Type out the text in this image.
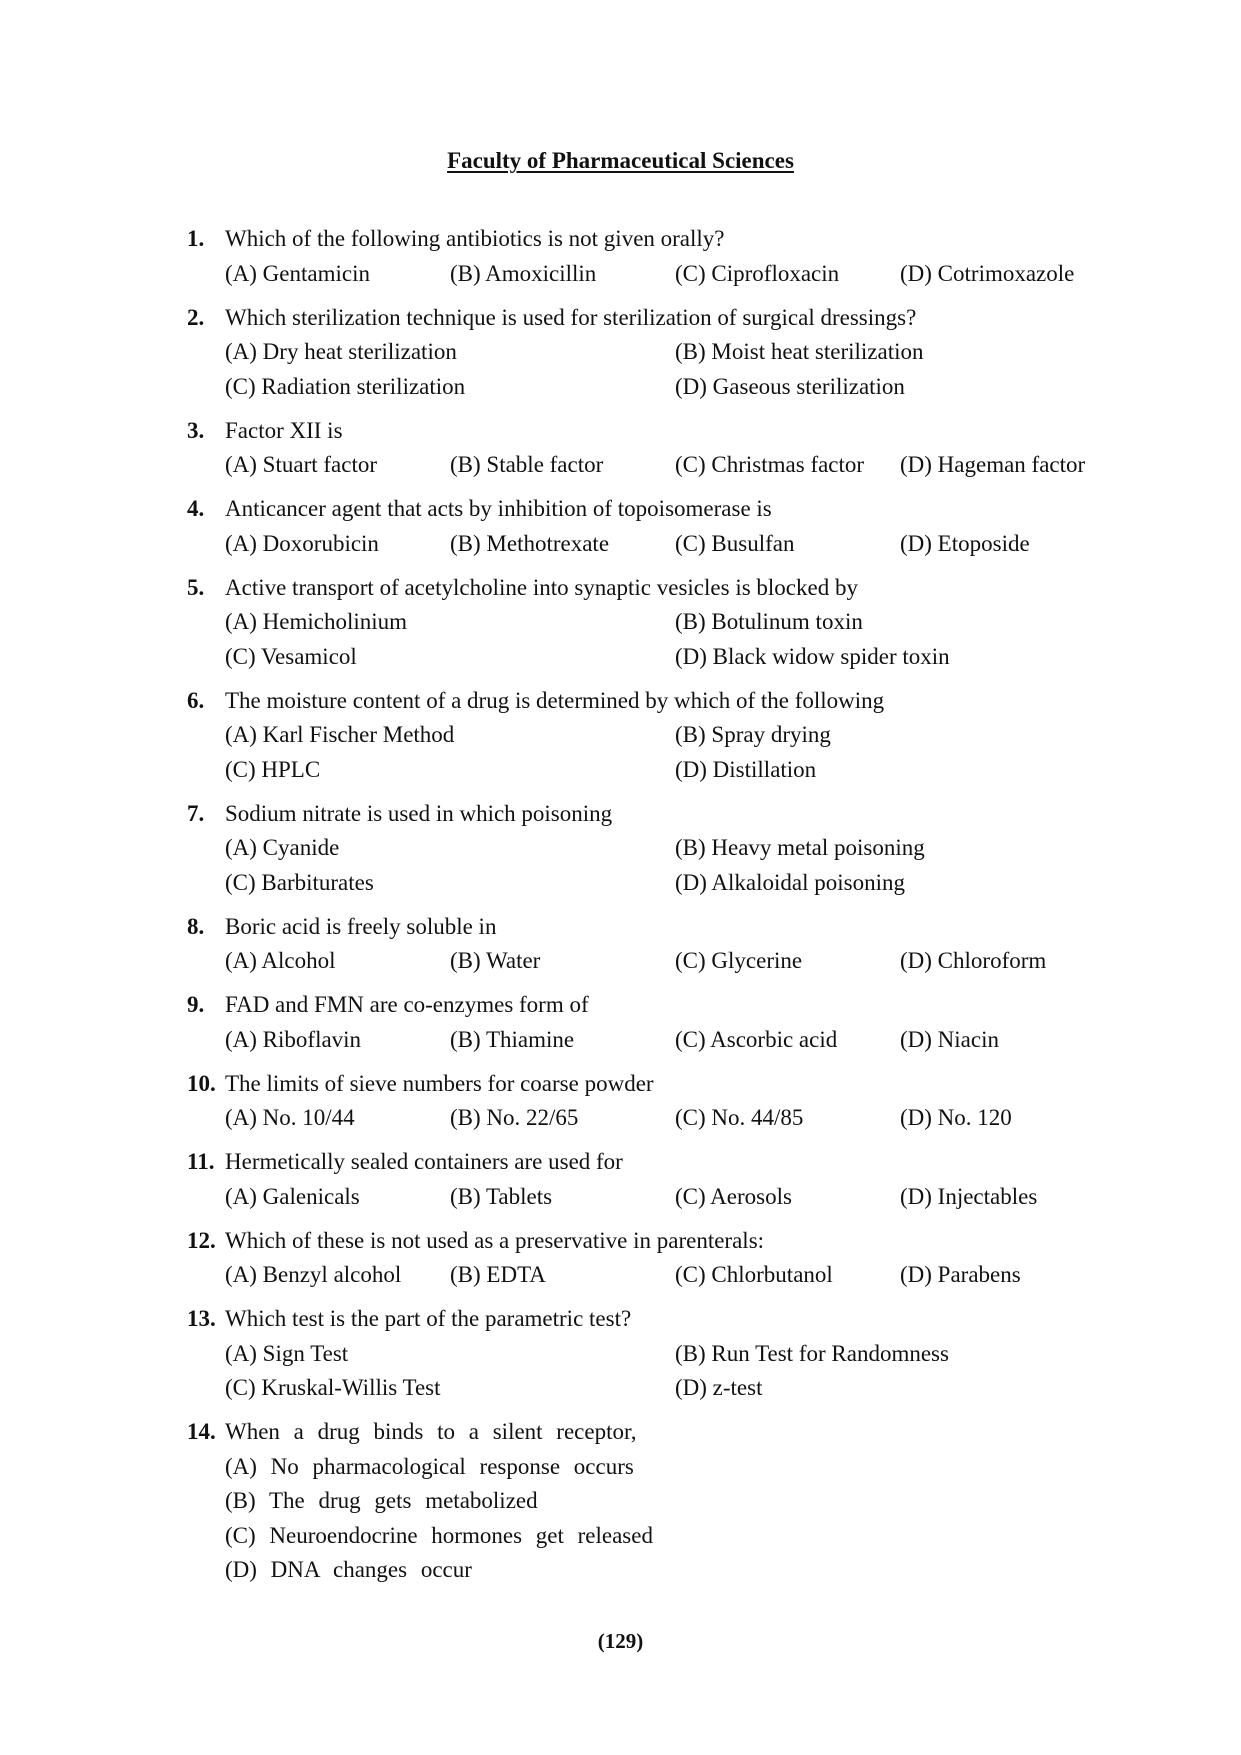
Faculty of Pharmaceutical Sciences
1. Which of the following antibiotics is not given orally?
(A) Gentamicin	(B) Amoxicillin	(C) Ciprofloxacin	(D) Cotrimoxazole
2. Which sterilization technique is used for sterilization of surgical dressings?
(A) Dry heat sterilization	(B) Moist heat sterilization
(C) Radiation sterilization	(D) Gaseous sterilization
3. Factor XII is
(A) Stuart factor	(B) Stable factor	(C) Christmas factor	(D) Hageman factor
4. Anticancer agent that acts by inhibition of topoisomerase is
(A) Doxorubicin	(B) Methotrexate	(C) Busulfan	(D) Etoposide
5. Active transport of acetylcholine into synaptic vesicles is blocked by
(A) Hemicholinium	(B) Botulinum toxin
(C) Vesamicol	(D) Black widow spider toxin
6. The moisture content of a drug is determined by which of the following
(A) Karl Fischer Method	(B) Spray drying
(C) HPLC	(D) Distillation
7. Sodium nitrate is used in which poisoning
(A) Cyanide	(B) Heavy metal poisoning
(C) Barbiturates	(D) Alkaloidal poisoning
8. Boric acid is freely soluble in
(A) Alcohol	(B) Water	(C) Glycerine	(D) Chloroform
9. FAD and FMN are co-enzymes form of
(A) Riboflavin	(B) Thiamine	(C) Ascorbic acid	(D) Niacin
10. The limits of sieve numbers for coarse powder
(A) No. 10/44	(B) No. 22/65	(C) No. 44/85	(D) No. 120
11. Hermetically sealed containers are used for
(A) Galenicals	(B) Tablets	(C) Aerosols	(D) Injectables
12. Which of these is not used as a preservative in parenterals:
(A) Benzyl alcohol	(B) EDTA	(C) Chlorbutanol	(D) Parabens
13. Which test is the part of the parametric test?
(A) Sign Test	(B) Run Test for Randomness
(C) Kruskal-Willis Test	(D) z-test
14. When a drug binds to a silent receptor,
(A) No pharmacological response occurs
(B) The drug gets metabolized
(C) Neuroendocrine hormones get released
(D) DNA changes occur
(129)
